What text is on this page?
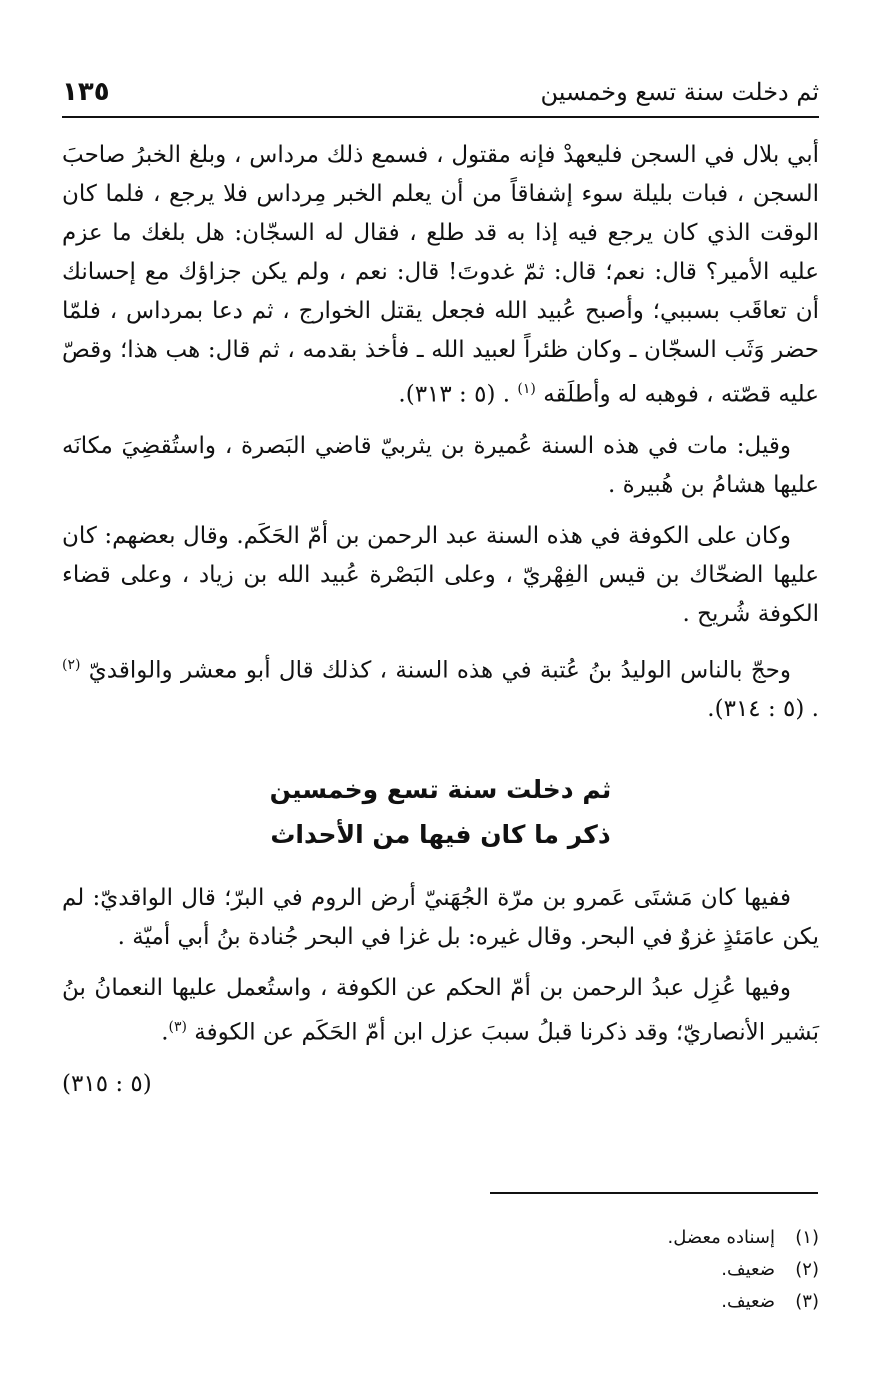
ثم دخلت سنة تسع وخمسين
١٣٥

أبي بلال في السجن فليعهدْ فإنه مقتول ، فسمع ذلك مرداس ، وبلغ الخبرُ صاحبَ السجن ، فبات بليلة سوء إشفاقاً من أن يعلم الخبر مِرداس فلا يرجع ، فلما كان الوقت الذي كان يرجع فيه إذا به قد طلع ، فقال له السجّان: هل بلغك ما عزم عليه الأمير؟ قال: نعم؛ قال: ثمّ غدوتَ! قال: نعم ، ولم يكن جزاؤك مع إحسانك أن تعاقَب بسببي؛ وأصبح عُبيد الله فجعل يقتل الخوارج ، ثم دعا بمرداس ، فلمّا حضر وَثَب السجّان ـ وكان ظئراً لعبيد الله ـ فأخذ بقدمه ، ثم قال: هب هذا؛ وقصّ عليه قصّته ، فوهبه له وأطلَقه $^{(١)}$ . (٥ : ٣١٣).

وقيل: مات في هذه السنة عُميرة بن يثربيّ قاضي البَصرة ، واستُقضِيَ مكانَه عليها هشامُ بن هُبيرة .

وكان على الكوفة في هذه السنة عبد الرحمن بن أمّ الحَكَم. وقال بعضهم: كان عليها الضحّاك بن قيس الفِهْريّ ، وعلى البَصْرة عُبيد الله بن زياد ، وعلى قضاء الكوفة شُريح .

وحجّ بالناس الوليدُ بنُ عُتبة في هذه السنة ، كذلك قال أبو معشر والواقديّ $^{(٢)}$ . (٥ : ٣١٤).

ثم دخلت سنة تسع وخمسين
ذكر ما كان فيها من الأحداث

ففيها كان مَشتَى عَمرو بن مرّة الجُهَنيّ أرض الروم في البرّ؛ قال الواقديّ: لم يكن عامَئذٍ غزوٌ في البحر. وقال غيره: بل غزا في البحر جُنادة بنُ أبي أميّة .

وفيها عُزِل عبدُ الرحمن بن أمّ الحكم عن الكوفة ، واستُعمل عليها النعمانُ بنُ بَشير الأنصاريّ؛ وقد ذكرنا قبلُ سببَ عزل ابن أمّ الحَكَم عن الكوفة $^{(٣)}$.

(٥ : ٣١٥)

(١)
إسناده معضل.
(٢)
ضعيف.
(٣)
ضعيف.
